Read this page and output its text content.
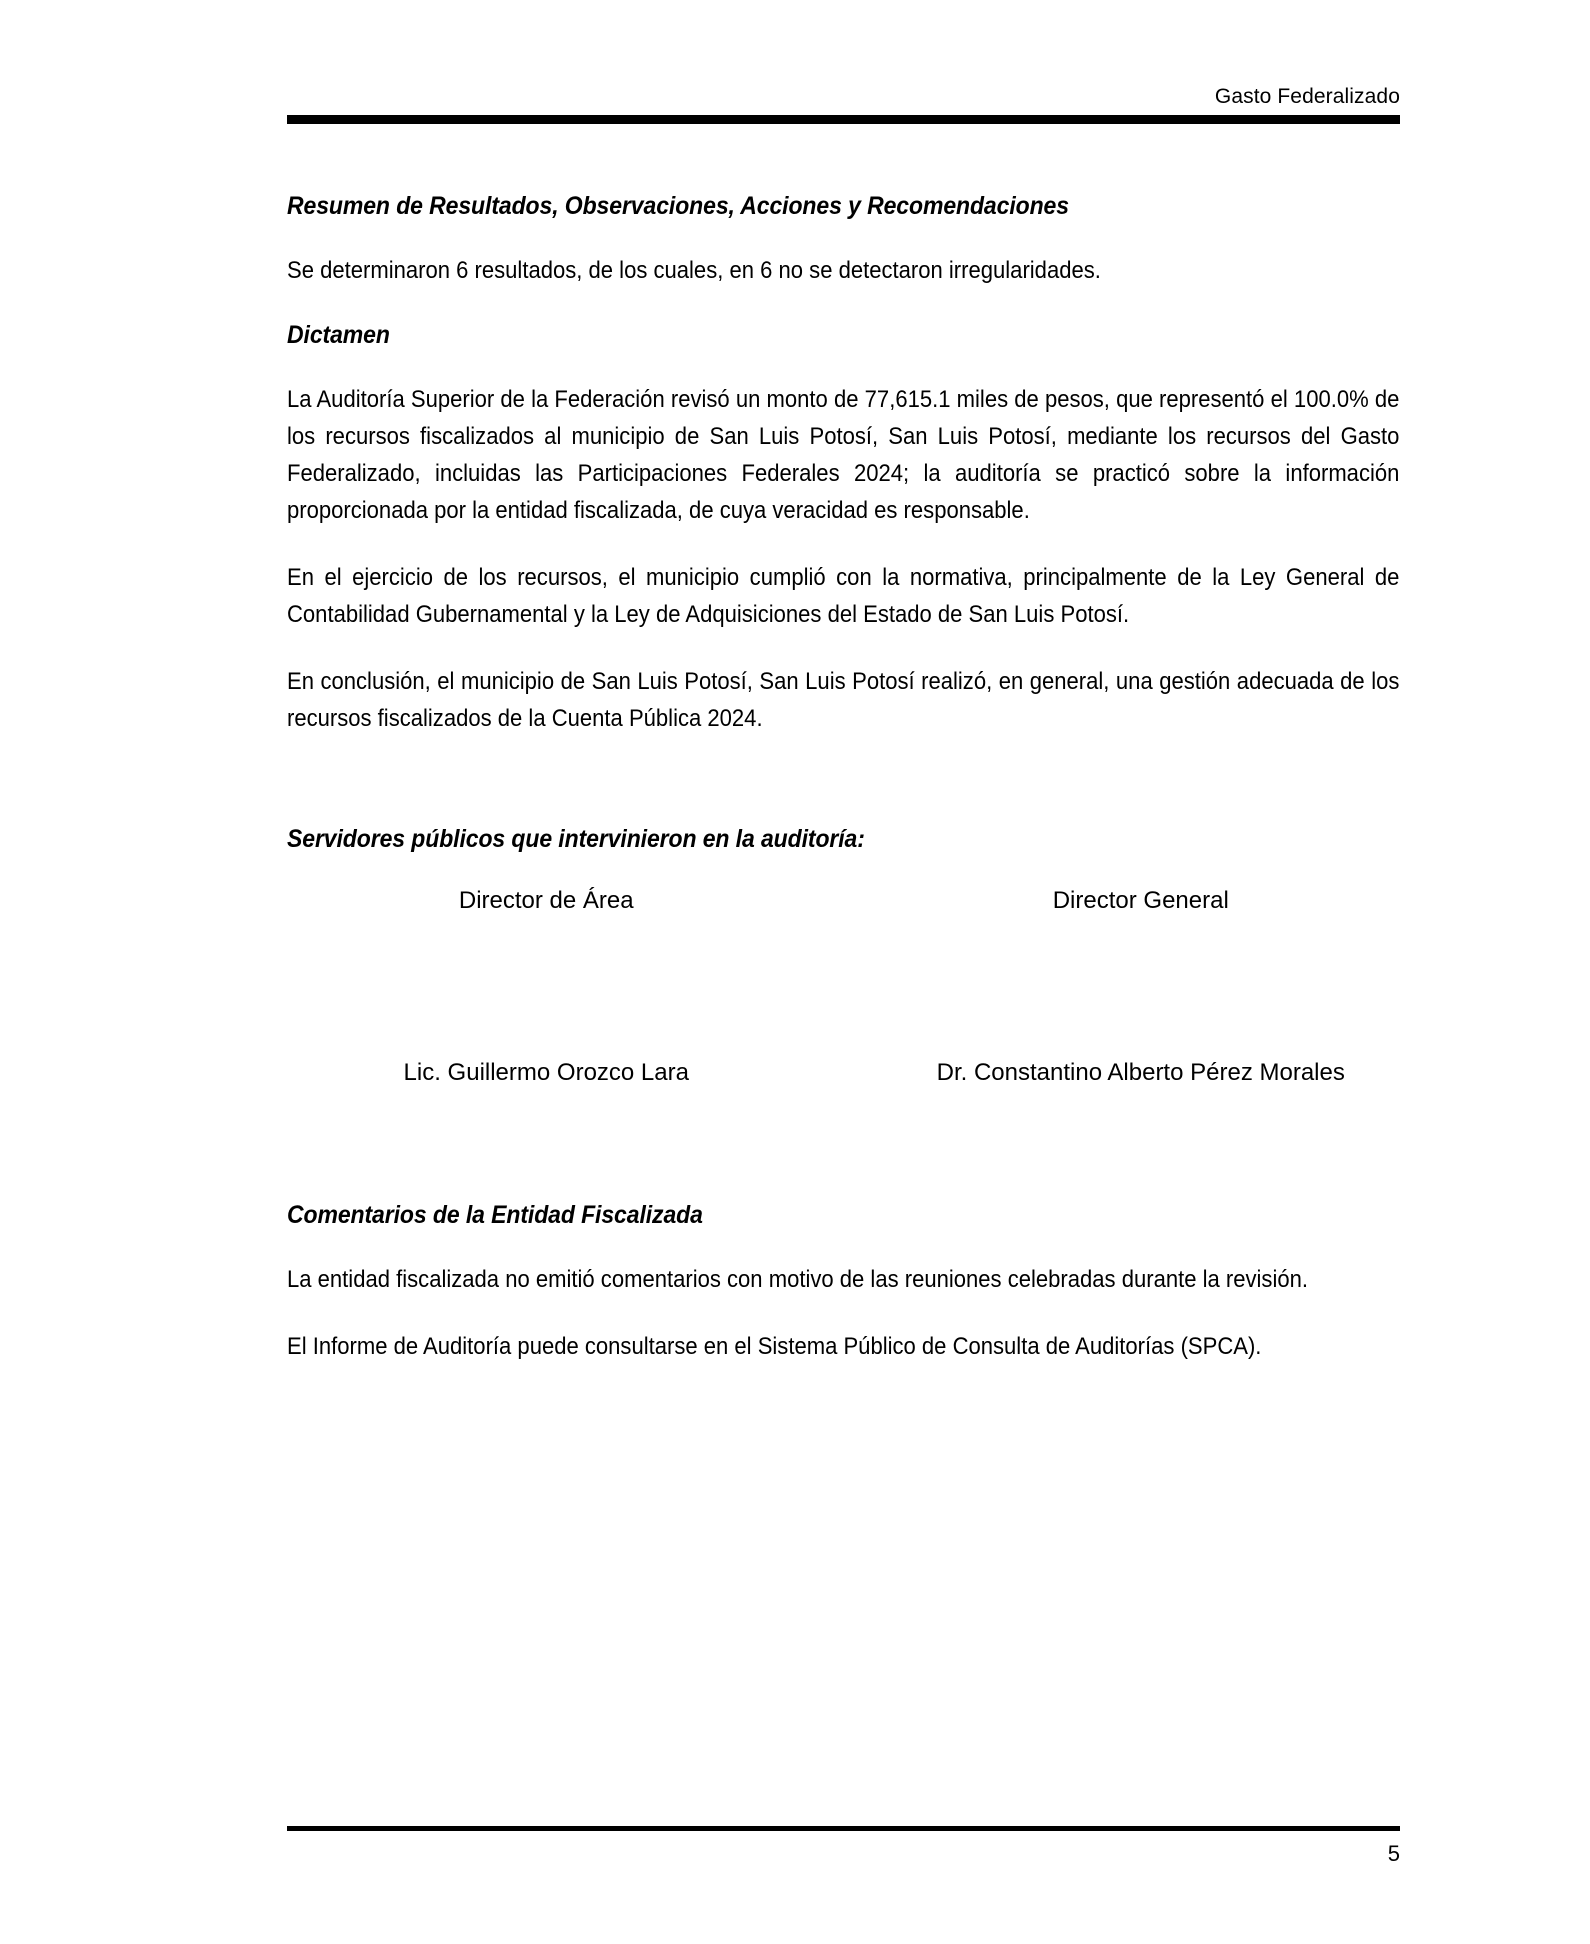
Gasto Federalizado
Resumen de Resultados, Observaciones, Acciones y Recomendaciones

Se determinaron 6 resultados, de los cuales, en 6 no se detectaron irregularidades.

Dictamen

La Auditoría Superior de la Federación revisó un monto de 77,615.1 miles de pesos, que representó el 100.0% de los recursos fiscalizados al municipio de San Luis Potosí, San Luis Potosí, mediante los recursos del Gasto Federalizado, incluidas las Participaciones Federales 2024; la auditoría se practicó sobre la información proporcionada por la entidad fiscalizada, de cuya veracidad es responsable.

En el ejercicio de los recursos, el municipio cumplió con la normativa, principalmente de la Ley General de Contabilidad Gubernamental y la Ley de Adquisiciones del Estado de San Luis Potosí.

En conclusión, el municipio de San Luis Potosí, San Luis Potosí realizó, en general, una gestión adecuada de los recursos fiscalizados de la Cuenta Pública 2024.

Servidores públicos que intervinieron en la auditoría:
Director de Área	Director General
Lic. Guillermo Orozco Lara	Dr. Constantino Alberto Pérez Morales
Comentarios de la Entidad Fiscalizada

La entidad fiscalizada no emitió comentarios con motivo de las reuniones celebradas durante la revisión.

El Informe de Auditoría puede consultarse en el Sistema Público de Consulta de Auditorías (SPCA).

5
